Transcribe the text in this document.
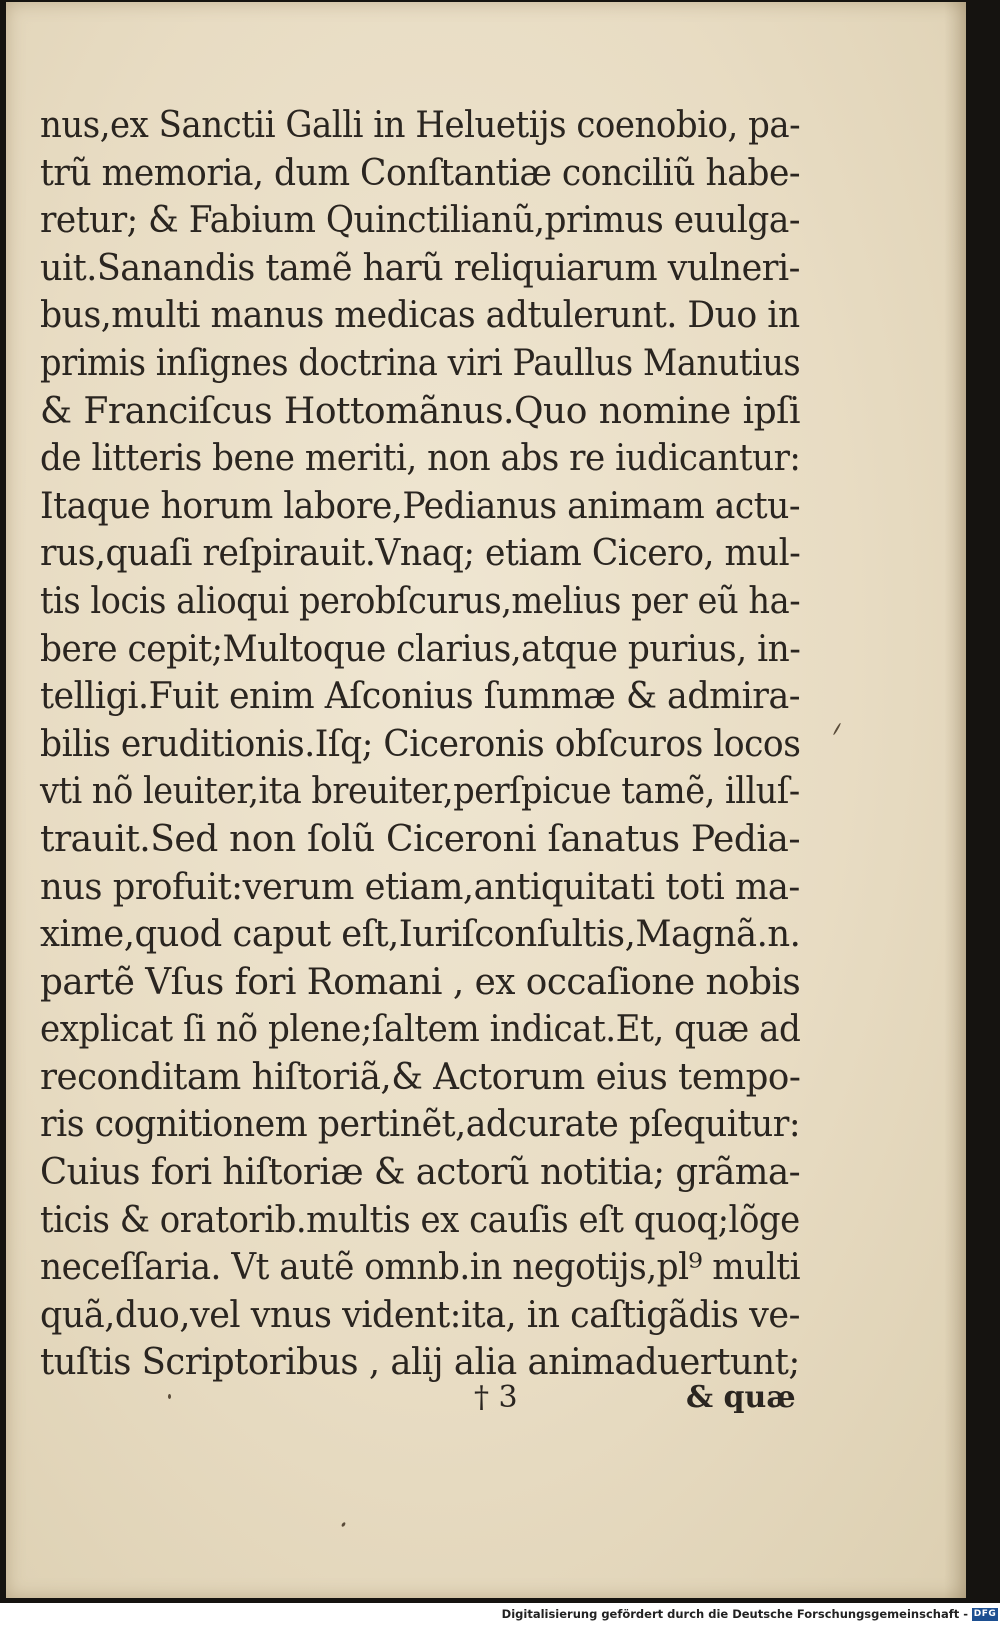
nus,ex Sanctii Galli in Heluetijs coenobio, pa-
trũ memoria, dum Conſtantiæ conciliũ habe-
retur; & Fabium Quinctilianũ,primus euulga-
uit.Sanandis tamẽ harũ reliquiarum vulneri-
bus,multi manus medicas adtulerunt. Duo in
primis inſignes doctrina viri Paullus Manutius
& Franciſcus Hottomãnus.Quo nomine ipſi
de litteris bene meriti, non abs re iudicantur:
Itaque horum labore,Pedianus animam actu-
rus,quaſi reſpirauit.Vnaq; etiam Cicero, mul-
tis locis alioqui perobſcurus,melius per eũ ha-
bere cepit;Multoque clarius,atque purius, in-
telligi.Fuit enim Aſconius ſummæ & admira-
bilis eruditionis.Iſq; Ciceronis obſcuros locos
vti nõ leuiter,ita breuiter,perſpicue tamẽ, illuſ-
trauit.Sed non ſolũ Ciceroni ſanatus Pedia-
nus profuit:verum etiam,antiquitati toti ma-
xime,quod caput eſt,Iuriſconſultis,Magnã.n.
partẽ Vſus fori Romani , ex occaſione nobis
explicat ſi nõ plene;ſaltem indicat.Et, quæ ad
reconditam hiſtoriã,& Actorum eius tempo-
ris cognitionem pertinẽt,adcurate pſequitur:
Cuius fori hiſtoriæ & actorũ notitia; grãma-
ticis & oratorib.multis ex cauſis eſt quoq;lõge
neceſſaria. Vt autẽ omnb.in negotijs,pl⁹ multi
quã,duo,vel vnus vident:ita, in caſtigãdis ve-
tuſtis Scriptoribus , alij alia animaduertunt;
† 3	& quæ
Digitalisierung gefördert durch die Deutsche Forschungsgemeinschaft - DFG
